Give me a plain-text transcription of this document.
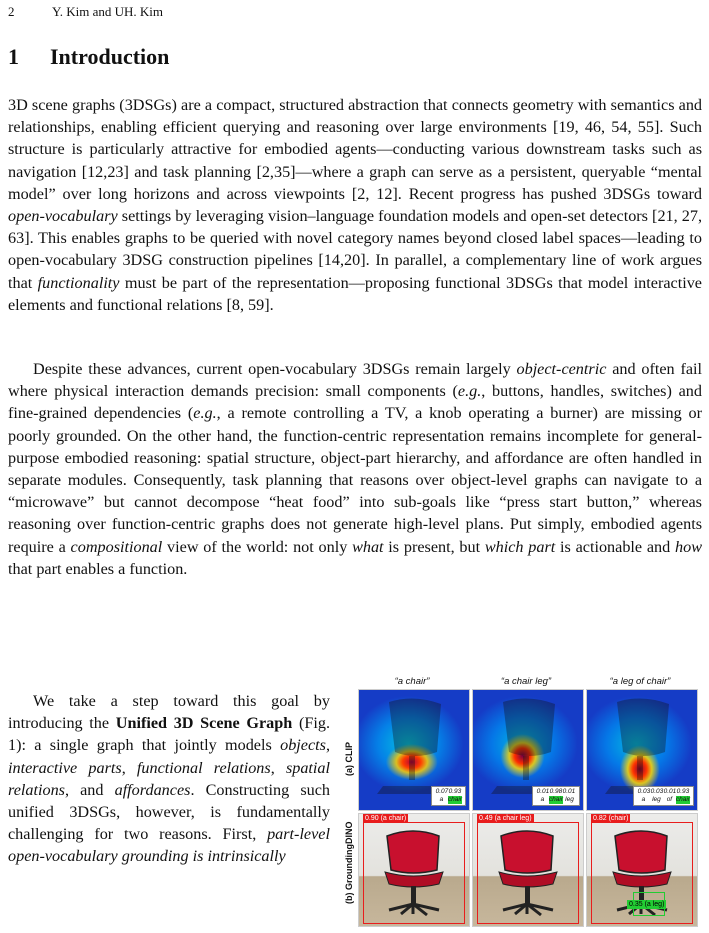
2	Y. Kim and UH. Kim
1 Introduction
3D scene graphs (3DSGs) are a compact, structured abstraction that connects geometry with semantics and relationships, enabling efficient querying and reasoning over large environments [19, 46, 54, 55]. Such structure is particularly attractive for embodied agents—conducting various downstream tasks such as navigation [12,23] and task planning [2,35]—where a graph can serve as a persistent, queryable “mental model” over long horizons and across viewpoints [2, 12]. Recent progress has pushed 3DSGs toward open-vocabulary settings by leveraging vision–language foundation models and open-set detectors [21, 27, 63]. This enables graphs to be queried with novel category names beyond closed label spaces—leading to open-vocabulary 3DSG construction pipelines [14,20]. In parallel, a complementary line of work argues that functionality must be part of the representation—proposing functional 3DSGs that model interactive elements and functional relations [8, 59].
Despite these advances, current open-vocabulary 3DSGs remain largely object-centric and often fail where physical interaction demands precision: small components (e.g., buttons, handles, switches) and fine-grained dependencies (e.g., a remote controlling a TV, a knob operating a burner) are missing or poorly grounded. On the other hand, the function-centric representation remains incomplete for general-purpose embodied reasoning: spatial structure, object-part hierarchy, and affordance are often handled in separate modules. Consequently, task planning that reasons over object-level graphs can navigate to a “microwave” but cannot decompose “heat food” into sub-goals like “press start button,” whereas reasoning over function-centric graphs does not generate high-level plans. Put simply, embodied agents require a compositional view of the world: not only what is present, but which part is actionable and how that part enables a function.
We take a step toward this goal by introducing the Unified 3D Scene Graph (Fig. 1): a single graph that jointly models objects, interactive parts, functional relations, spatial relations, and affordances. Constructing such unified 3DSGs, however, is fundamentally challenging for two reasons. First, part-level open-vocabulary grounding is intrinsically
“a chair”	“a chair leg”	“a leg of chair”
(a) CLIP
(b) GroundingDINO
0.070.93
a chair
0.010.980.01
a chair leg
0.030.030.010.93
a leg of chair
0.90 (a chair)	0.49 (a chair leg)	0.82 (chair)
0.35 (a leg)
